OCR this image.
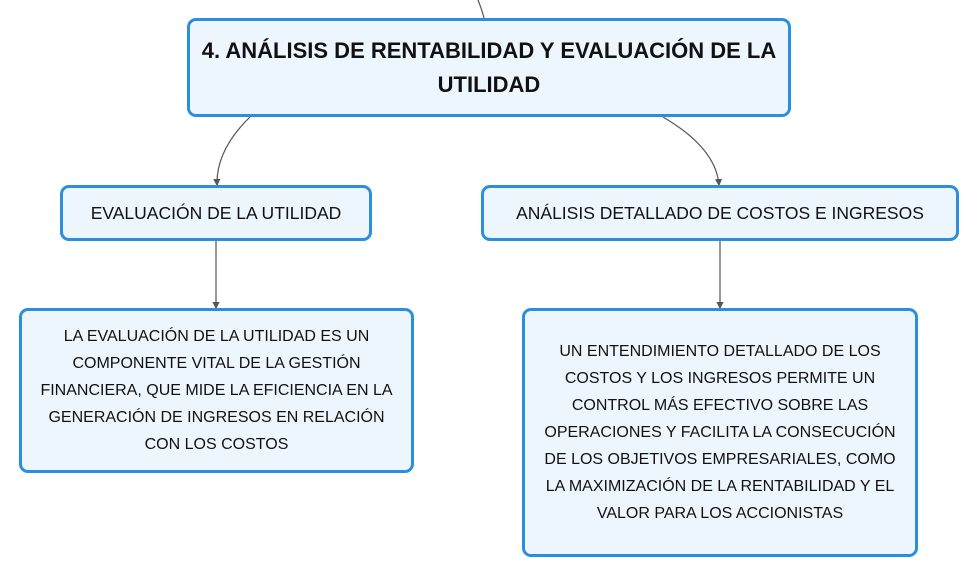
4. ANÁLISIS DE RENTABILIDAD Y EVALUACIÓN DE LA UTILIDAD
EVALUACIÓN DE LA UTILIDAD	ANÁLISIS DETALLADO DE COSTOS E INGRESOS
LA EVALUACIÓN DE LA UTILIDAD ES UN COMPONENTE VITAL DE LA GESTIÓN FINANCIERA, QUE MIDE LA EFICIENCIA EN LA GENERACIÓN DE INGRESOS EN RELACIÓN CON LOS COSTOS
UN ENTENDIMIENTO DETALLADO DE LOS COSTOS Y LOS INGRESOS PERMITE UN CONTROL MÁS EFECTIVO SOBRE LAS OPERACIONES Y FACILITA LA CONSECUCIÓN DE LOS OBJETIVOS EMPRESARIALES, COMO LA MAXIMIZACIÓN DE LA RENTABILIDAD Y EL VALOR PARA LOS ACCIONISTAS
